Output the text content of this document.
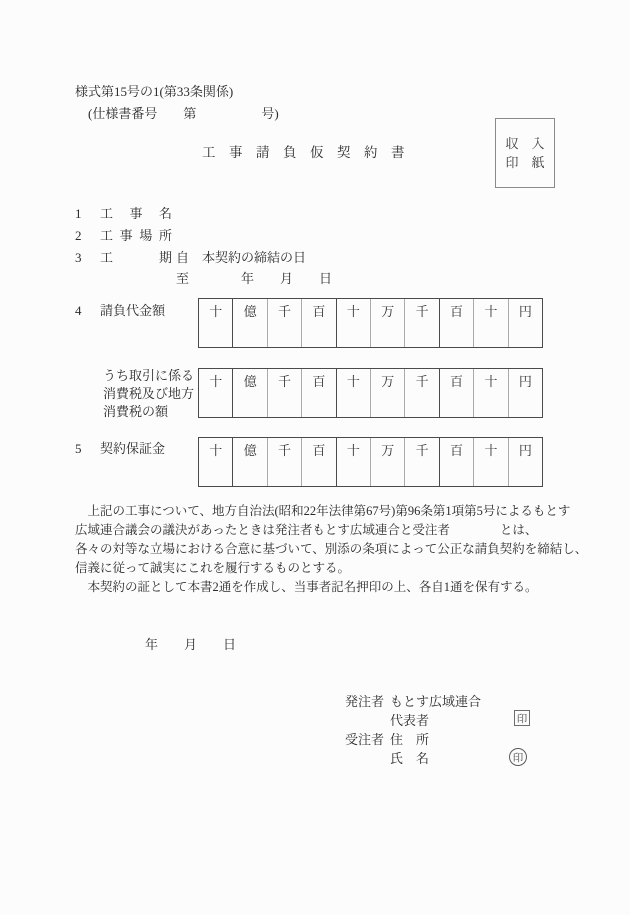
様式第15号の1(第33条関係)
(仕様書番号　　第　　　　　号)
工　事　請　負　仮　契　約　書
収　入
印　紙
1 工 事 名
2 工 事 場 所
3 工	期 自 本契約の締結の日
至　　　　年　　月　　日
4 請負代金額	十 億 千 百 十 万 千 百 十 円
うち取引に係る
消費税及び地方
消費税の額
十 億 千 百 十 万 千 百 十 円
5 契約保証金	十 億 千 百 十 万 千 百 十 円
　上記の工事について、地方自治法(昭和22年法律第67号)第96条第1項第5号によるもとす
広域連合議会の議決があったときは発注者もとす広域連合と受注者　　　　とは、
各々の対等な立場における合意に基づいて、別添の条項によって公正な請負契約を締結し、
信義に従って誠実にこれを履行するものとする。
　本契約の証として本書2通を作成し、当事者記名押印の上、各自1通を保有する。
年　　月　　日
発注者 もとす広域連合
代表者	印
受注者 住　所
氏　名	印
